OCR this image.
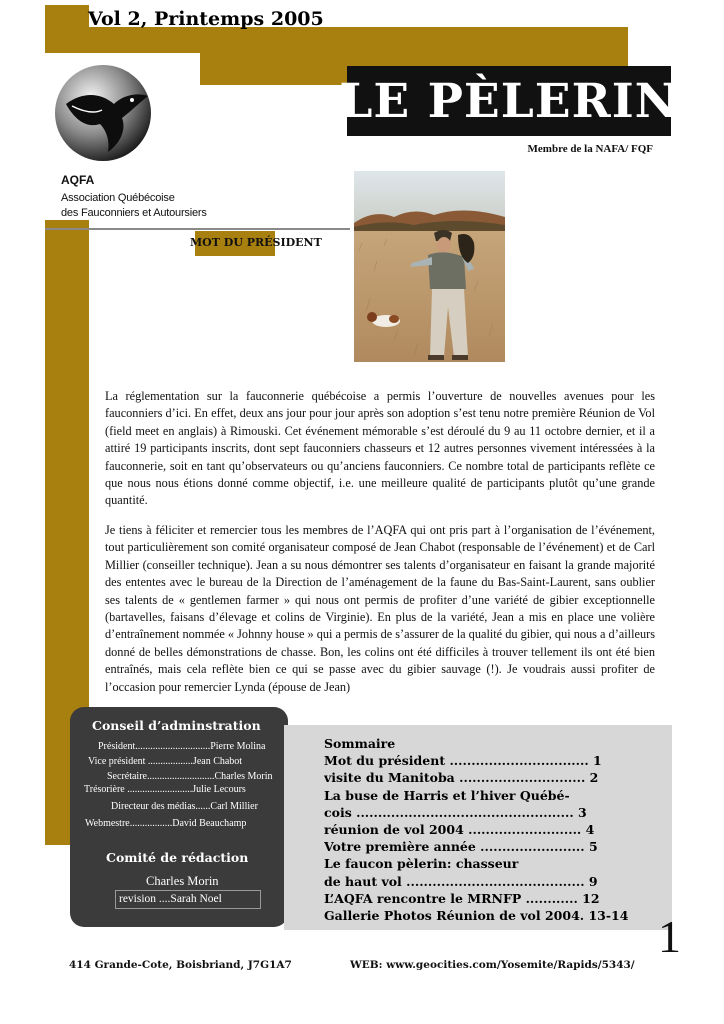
Vol 2, Printemps 2005
LE PÈLERIN
Membre de la NAFA/ FQF
AQFA
Association Québécoise
des Fauconniers et Autoursiers
MOT DU PRÉSIDENT
La réglementation sur la fauconnerie québécoise a permis l’ouverture de nouvelles avenues pour les fauconniers d’ici. En effet, deux ans jour pour jour après son adoption s’est tenu notre première Réunion de Vol (field meet en anglais) à Rimouski. Cet événement mémorable s’est déroulé du 9 au 11 octobre dernier, et il a attiré 19 participants inscrits, dont sept fauconniers chasseurs et 12 autres personnes vivement intéressées à la fauconnerie, soit en tant qu’observateurs ou qu’anciens fauconniers. Ce nombre total de participants reflète ce que nous nous étions donné comme objectif, i.e. une meilleure qualité de participants plutôt qu’une grande quantité.
Je tiens à féliciter et remercier tous les membres de l’AQFA qui ont pris part à l’organisation de l’événement, tout particulièrement son comité organisateur composé de Jean Chabot (responsable de l’événement) et de Carl Millier (conseiller technique). Jean a su nous démontrer ses talents d’organisateur en faisant la grande majorité des ententes avec le bureau de la Direction de l’aménagement de la faune du Bas-Saint-Laurent, sans oublier ses talents de « gentlemen farmer » qui nous ont permis de profiter d’une variété de gibier exceptionnelle (bartavelles, faisans d’élevage et colins de Virginie). En plus de la variété, Jean a mis en place une volière d’entraînement nommée « Johnny house » qui a permis de s’assurer de la qualité du gibier, qui nous a d’ailleurs donné de belles démonstrations de chasse. Bon, les colins ont été difficiles à trouver tellement ils ont été bien entraînés, mais cela reflète bien ce qui se passe avec du gibier sauvage (!). Je voudrais aussi profiter de l’occasion pour remercier Lynda (épouse de Jean)
Conseil d’adminstration
Président..............................Pierre Molina
Vice président ..................Jean Chabot
Secrétaire...........................Charles Morin
Trésorière ..........................Julie Lecours
Directeur des médias......Carl Millier
Webmestre.................David Beauchamp
Comité de rédaction
Charles Morin
revision ....Sarah Noel
Sommaire
Mot du président ................................ 1
visite du Manitoba ............................. 2
La buse de Harris et l’hiver Québé-
cois .................................................. 3
réunion de vol 2004 .......................... 4
Votre première année ........................ 5
Le faucon pèlerin: chasseur
de haut vol ......................................... 9
L’AQFA rencontre le MRNFP ............ 12
Gallerie Photos Réunion de vol 2004. 13-14 1
414 Grande-Cote, Boisbriand, J7G1A7	WEB: www.geocities.com/Yosemite/Rapids/5343/
